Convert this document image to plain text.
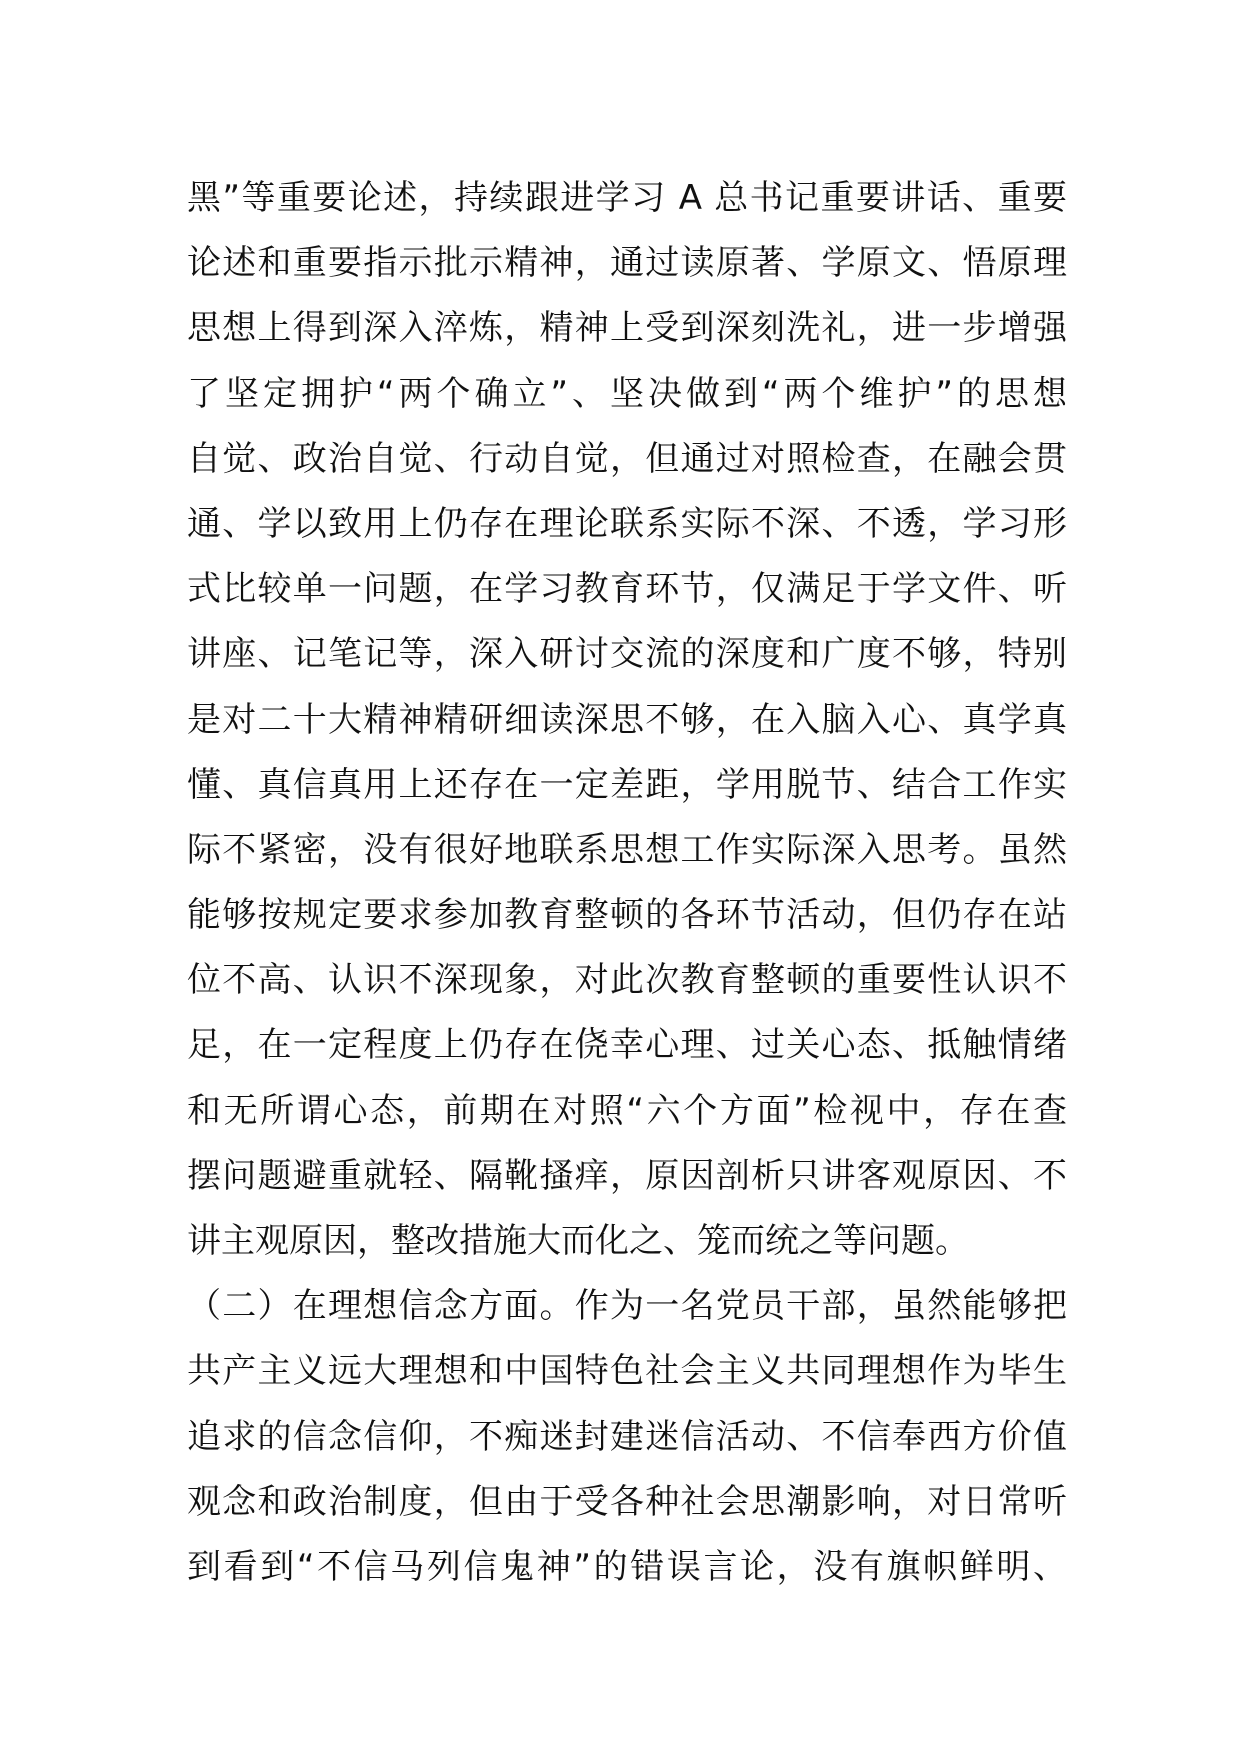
黑”等重要论述，持续跟进学习 A 总书记重要讲话、重要
论述和重要指示批示精神，通过读原著、学原文、悟原理
思想上得到深入淬炼，精神上受到深刻洗礼，进一步增强
了坚定拥护“两个确立”、坚决做到“两个维护”的思想
自觉、政治自觉、行动自觉，但通过对照检查，在融会贯
通、学以致用上仍存在理论联系实际不深、不透，学习形
式比较单一问题，在学习教育环节，仅满足于学文件、听
讲座、记笔记等，深入研讨交流的深度和广度不够，特别
是对二十大精神精研细读深思不够，在入脑入心、真学真
懂、真信真用上还存在一定差距，学用脱节、结合工作实
际不紧密，没有很好地联系思想工作实际深入思考。虽然
能够按规定要求参加教育整顿的各环节活动，但仍存在站
位不高、认识不深现象，对此次教育整顿的重要性认识不
足，在一定程度上仍存在侥幸心理、过关心态、抵触情绪
和无所谓心态，前期在对照“六个方面”检视中，存在查
摆问题避重就轻、隔靴搔痒，原因剖析只讲客观原因、不
讲主观原因，整改措施大而化之、笼而统之等问题。
（二）在理想信念方面。作为一名党员干部，虽然能够把
共产主义远大理想和中国特色社会主义共同理想作为毕生
追求的信念信仰，不痴迷封建迷信活动、不信奉西方价值
观念和政治制度，但由于受各种社会思潮影响，对日常听
到看到“不信马列信鬼神”的错误言论，没有旗帜鲜明、
